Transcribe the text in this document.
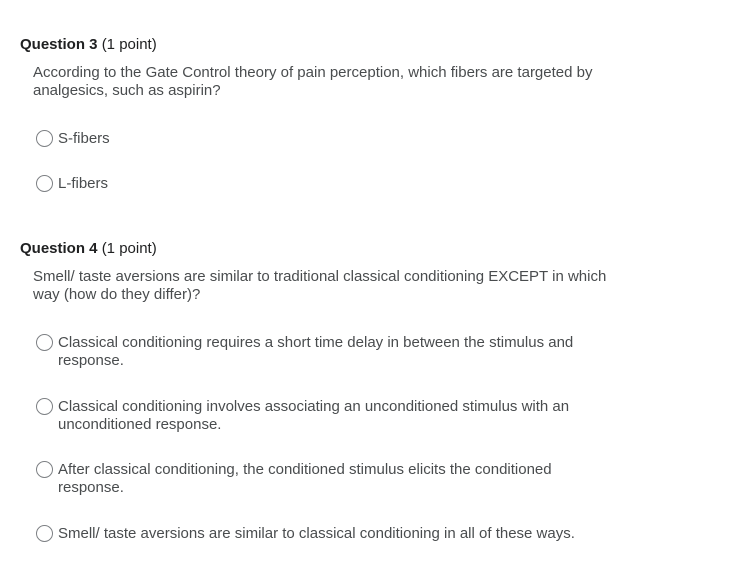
Question 3 (1 point)
According to the Gate Control theory of pain perception, which fibers are targeted by analgesics, such as aspirin?
S-fibers
L-fibers
Question 4 (1 point)
Smell/ taste aversions are similar to traditional classical conditioning EXCEPT in which way (how do they differ)?
Classical conditioning requires a short time delay in between the stimulus and response.
Classical conditioning involves associating an unconditioned stimulus with an unconditioned response.
After classical conditioning, the conditioned stimulus elicits the conditioned response.
Smell/ taste aversions are similar to classical conditioning in all of these ways.
